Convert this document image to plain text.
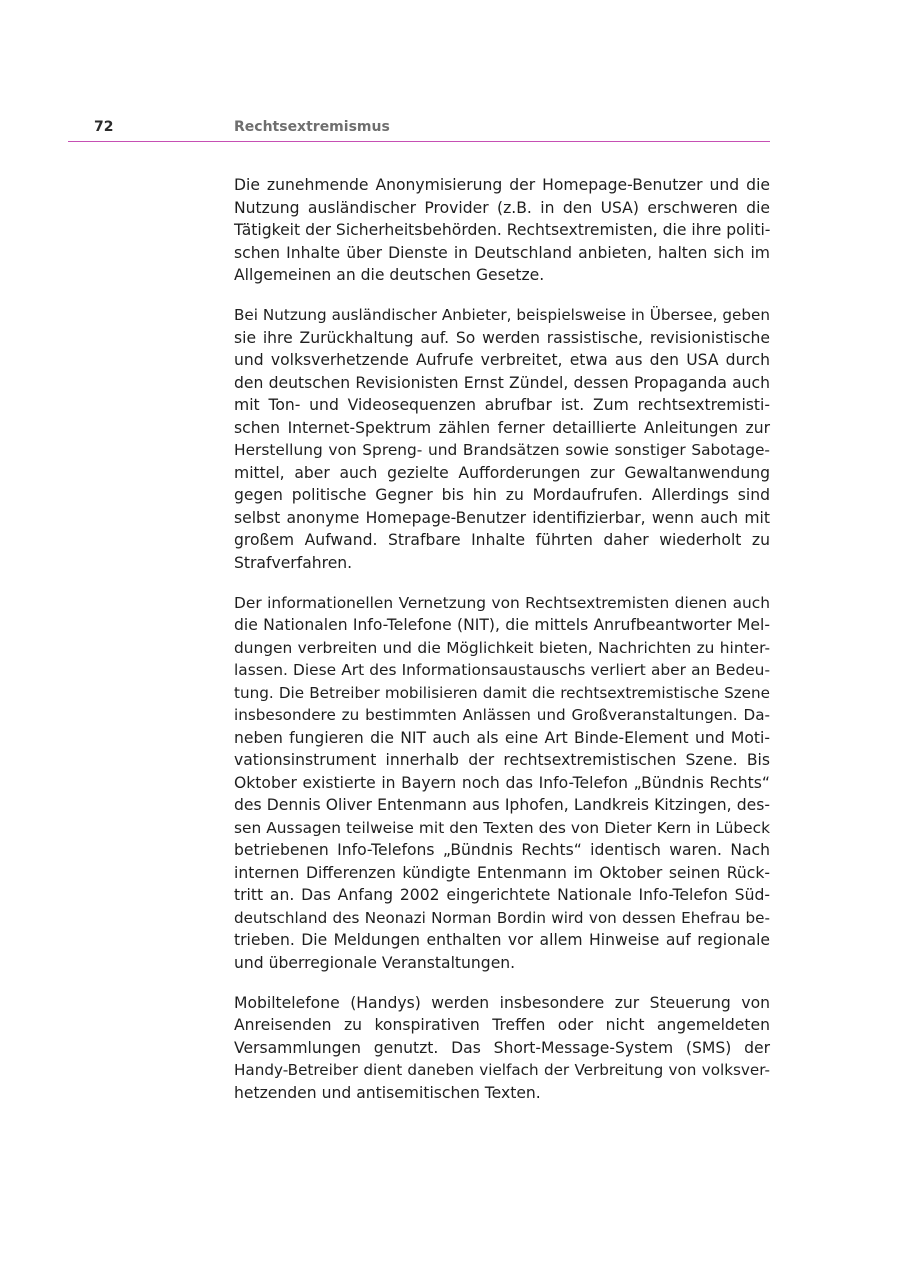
72	Rechtsextremismus

Die zunehmende Anonymisierung der Homepage-Benutzer und die
Nutzung ausländischer Provider (z.B. in den USA) erschweren die
Tätigkeit der Sicherheitsbehörden. Rechtsextremisten, die ihre politi-
schen Inhalte über Dienste in Deutschland anbieten, halten sich im
Allgemeinen an die deutschen Gesetze.

Bei Nutzung ausländischer Anbieter, beispielsweise in Übersee, geben
sie ihre Zurückhaltung auf. So werden rassistische, revisionistische
und volksverhetzende Aufrufe verbreitet, etwa aus den USA durch
den deutschen Revisionisten Ernst Zündel, dessen Propaganda auch
mit Ton- und Videosequenzen abrufbar ist. Zum rechtsextremisti-
schen Internet-Spektrum zählen ferner detaillierte Anleitungen zur
Herstellung von Spreng- und Brandsätzen sowie sonstiger Sabotage-
mittel, aber auch gezielte Aufforderungen zur Gewaltanwendung
gegen politische Gegner bis hin zu Mordaufrufen. Allerdings sind
selbst anonyme Homepage-Benutzer identifizierbar, wenn auch mit
großem Aufwand. Strafbare Inhalte führten daher wiederholt zu
Strafverfahren.

Der informationellen Vernetzung von Rechtsextremisten dienen auch
die Nationalen Info-Telefone (NIT), die mittels Anrufbeantworter Mel-
dungen verbreiten und die Möglichkeit bieten, Nachrichten zu hinter-
lassen. Diese Art des Informationsaustauschs verliert aber an Bedeu-
tung. Die Betreiber mobilisieren damit die rechtsextremistische Szene
insbesondere zu bestimmten Anlässen und Großveranstaltungen. Da-
neben fungieren die NIT auch als eine Art Binde-Element und Moti-
vationsinstrument innerhalb der rechtsextremistischen Szene. Bis
Oktober existierte in Bayern noch das Info-Telefon „Bündnis Rechts“
des Dennis Oliver Entenmann aus Iphofen, Landkreis Kitzingen, des-
sen Aussagen teilweise mit den Texten des von Dieter Kern in Lübeck
betriebenen Info-Telefons „Bündnis Rechts“ identisch waren. Nach
internen Differenzen kündigte Entenmann im Oktober seinen Rück-
tritt an. Das Anfang 2002 eingerichtete Nationale Info-Telefon Süd-
deutschland des Neonazi Norman Bordin wird von dessen Ehefrau be-
trieben. Die Meldungen enthalten vor allem Hinweise auf regionale
und überregionale Veranstaltungen.

Mobiltelefone (Handys) werden insbesondere zur Steuerung von
Anreisenden zu konspirativen Treffen oder nicht angemeldeten
Versammlungen genutzt. Das Short-Message-System (SMS) der
Handy-Betreiber dient daneben vielfach der Verbreitung von volksver-
hetzenden und antisemitischen Texten.
